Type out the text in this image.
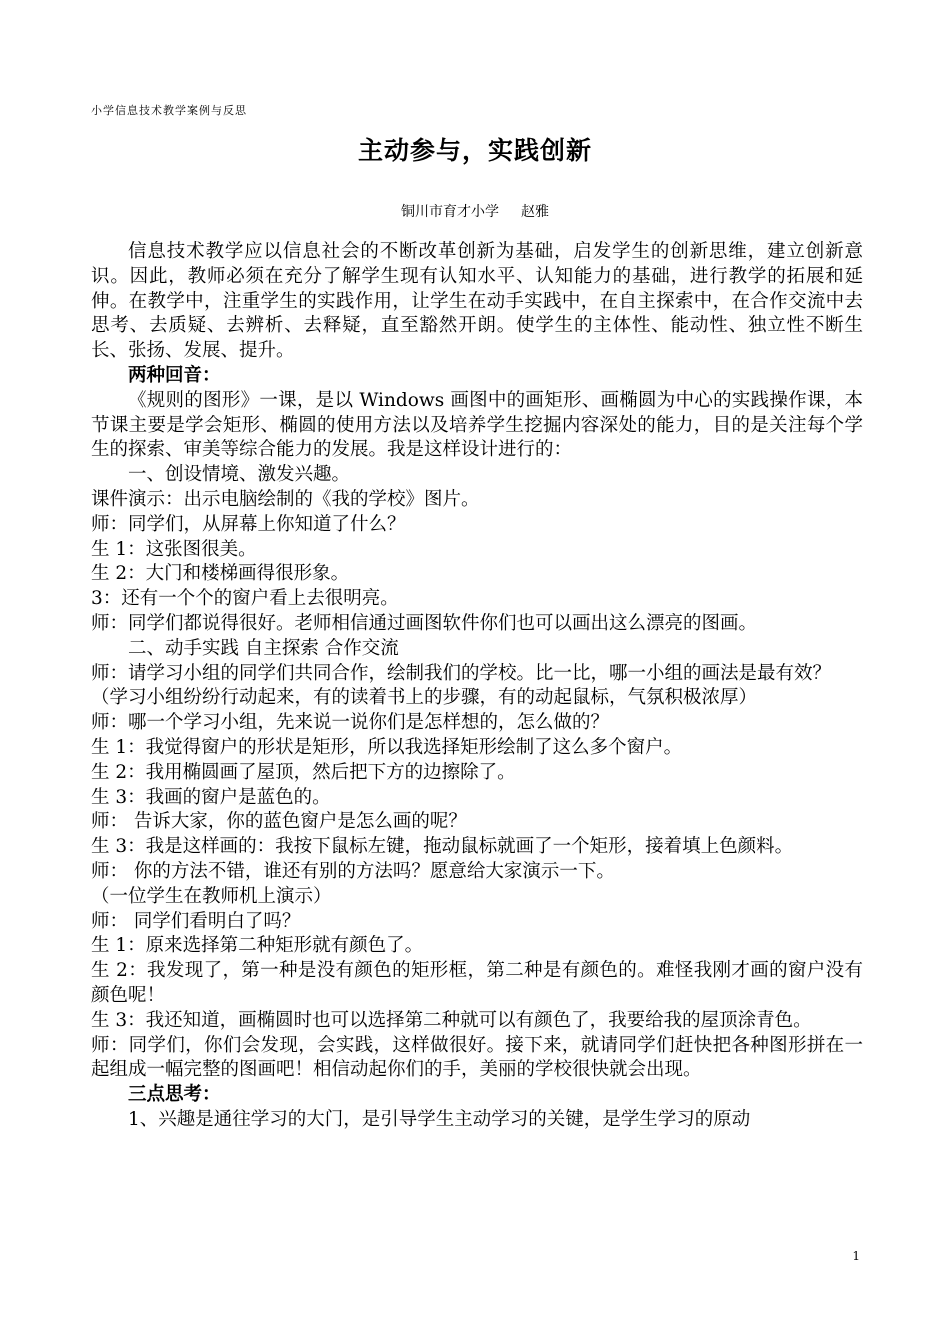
小学信息技术教学案例与反思
主动参与，实践创新
铜川市育才小学 赵雅

信息技术教学应以信息社会的不断改革创新为基础，启发学生的创新思维，建立创新意识。因此，教师必须在充分了解学生现有认知水平、认知能力的基础，进行教学的拓展和延伸。在教学中，注重学生的实践作用，让学生在动手实践中，在自主探索中，在合作交流中去思考、去质疑、去辨析、去释疑，直至豁然开朗。使学生的主体性、能动性、独立性不断生长、张扬、发展、提升。

两种回音：

《规则的图形》一课，是以 Windows 画图中的画矩形、画椭圆为中心的实践操作课，本节课主要是学会矩形、椭圆的使用方法以及培养学生挖掘内容深处的能力，目的是关注每个学生的探索、审美等综合能力的发展。我是这样设计进行的：

一、创设情境、激发兴趣。

课件演示：出示电脑绘制的《我的学校》图片。

师：同学们，从屏幕上你知道了什么？

生 1：这张图很美。

生 2：大门和楼梯画得很形象。

3：还有一个个的窗户看上去很明亮。

师：同学们都说得很好。老师相信通过画图软件你们也可以画出这么漂亮的图画。

二、动手实践 自主探索 合作交流

师：请学习小组的同学们共同合作，绘制我们的学校。比一比，哪一小组的画法是最有效？

（学习小组纷纷行动起来，有的读着书上的步骤，有的动起鼠标，气氛积极浓厚）

师：哪一个学习小组，先来说一说你们是怎样想的，怎么做的？

生 1：我觉得窗户的形状是矩形，所以我选择矩形绘制了这么多个窗户。

生 2：我用椭圆画了屋顶，然后把下方的边擦除了。

生 3：我画的窗户是蓝色的。

师： 告诉大家，你的蓝色窗户是怎么画的呢？

生 3：我是这样画的：我按下鼠标左键，拖动鼠标就画了一个矩形，接着填上色颜料。

师： 你的方法不错，谁还有别的方法吗？愿意给大家演示一下。

（一位学生在教师机上演示）

师： 同学们看明白了吗？

生 1：原来选择第二种矩形就有颜色了。

生 2：我发现了，第一种是没有颜色的矩形框，第二种是有颜色的。难怪我刚才画的窗户没有颜色呢！

生 3：我还知道，画椭圆时也可以选择第二种就可以有颜色了，我要给我的屋顶涂青色。

师：同学们，你们会发现，会实践，这样做很好。接下来，就请同学们赶快把各种图形拼在一起组成一幅完整的图画吧！相信动起你们的手，美丽的学校很快就会出现。

三点思考：

1、兴趣是通往学习的大门，是引导学生主动学习的关键，是学生学习的原动

1
